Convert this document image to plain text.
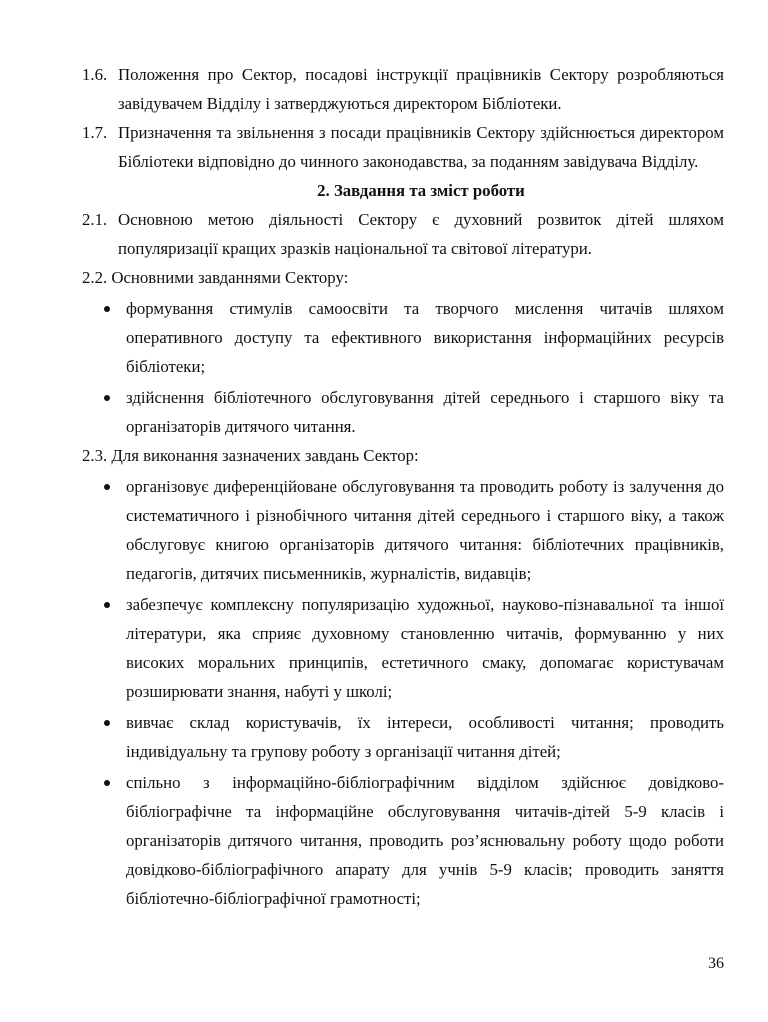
1.6. Положення про Сектор, посадові інструкції працівників Сектору розробляються завідувачем Відділу і затверджуються директором Бібліотеки.

1.7. Призначення та звільнення з посади працівників Сектору здійснюється директором Бібліотеки відповідно до чинного законодавства, за поданням завідувача Відділу.

2. Завдання та зміст роботи

2.1. Основною метою діяльності Сектору є духовний розвиток дітей шляхом популяризації кращих зразків національної та світової літератури.

2.2. Основними завданнями Сектору:

формування стимулів самоосвіти та творчого мислення читачів шляхом оперативного доступу та ефективного використання інформаційних ресурсів бібліотеки;
здійснення бібліотечного обслуговування дітей середнього і старшого віку та організаторів дитячого читання.

2.3. Для виконання зазначених завдань Сектор:

організовує диференційоване обслуговування та проводить роботу із залучення до систематичного і різнобічного читання дітей середнього і старшого віку, а також обслуговує книгою організаторів дитячого читання: бібліотечних працівників, педагогів, дитячих письменників, журналістів, видавців;
забезпечує комплексну популяризацію художньої, науково-пізнавальної та іншої літератури, яка сприяє духовному становленню читачів, формуванню у них високих моральних принципів, естетичного смаку, допомагає користувачам розширювати знання, набуті у школі;
вивчає склад користувачів, їх інтереси, особливості читання; проводить індивідуальну та групову роботу з організації читання дітей;
спільно з інформаційно-бібліографічним відділом здійснює довідково-бібліографічне та інформаційне обслуговування читачів-дітей 5-9 класів і організаторів дитячого читання, проводить роз’яснювальну роботу щодо роботи довідково-бібліографічного апарату для учнів 5-9 класів; проводить заняття бібліотечно-бібліографічної грамотності;
36
